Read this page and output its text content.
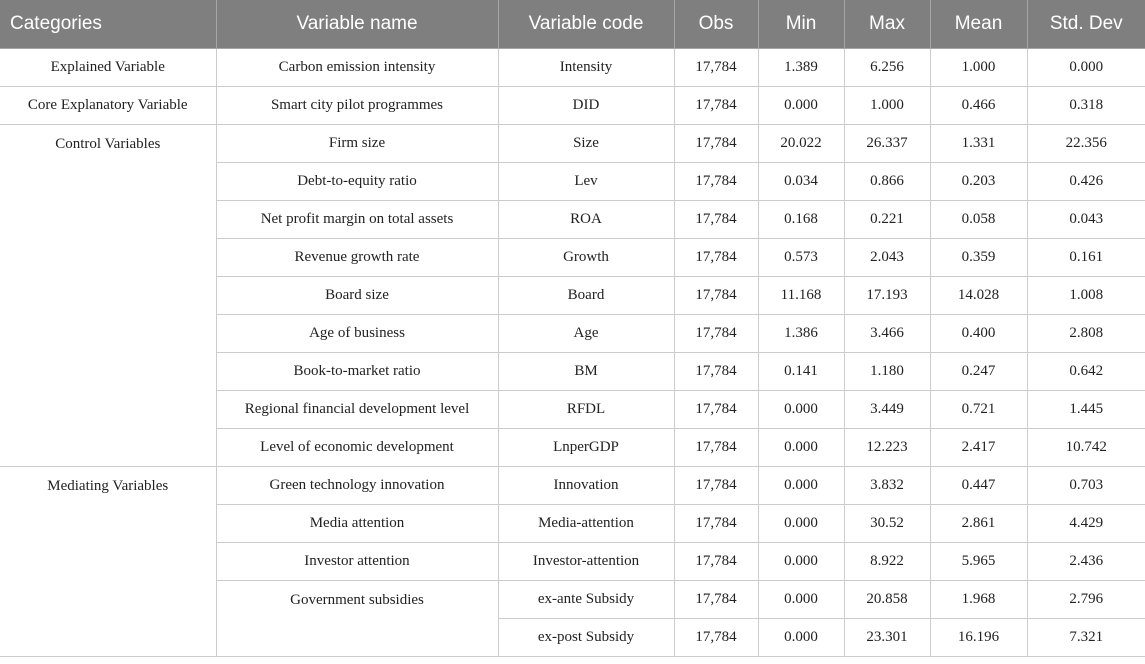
Categories	Variable name	Variable code	Obs	Min	Max	Mean	Std. Dev
Explained Variable	Carbon emission intensity	Intensity	17,784	1.389	6.256	1.000	0.000
Core Explanatory Variable	Smart city pilot programmes	DID	17,784	0.000	1.000	0.466	0.318
Control Variables	Firm size	Size	17,784	20.022	26.337	1.331	22.356
	Debt-to-equity ratio	Lev	17,784	0.034	0.866	0.203	0.426
	Net profit margin on total assets	ROA	17,784	0.168	0.221	0.058	0.043
	Revenue growth rate	Growth	17,784	0.573	2.043	0.359	0.161
	Board size	Board	17,784	11.168	17.193	14.028	1.008
	Age of business	Age	17,784	1.386	3.466	0.400	2.808
	Book-to-market ratio	BM	17,784	0.141	1.180	0.247	0.642
	Regional financial development level	RFDL	17,784	0.000	3.449	0.721	1.445
	Level of economic development	LnperGDP	17,784	0.000	12.223	2.417	10.742
Mediating Variables	Green technology innovation	Innovation	17,784	0.000	3.832	0.447	0.703
	Media attention	Media-attention	17,784	0.000	30.52	2.861	4.429
	Investor attention	Investor-attention	17,784	0.000	8.922	5.965	2.436
	Government subsidies	ex-ante Subsidy	17,784	0.000	20.858	1.968	2.796
		ex-post Subsidy	17,784	0.000	23.301	16.196	7.321
